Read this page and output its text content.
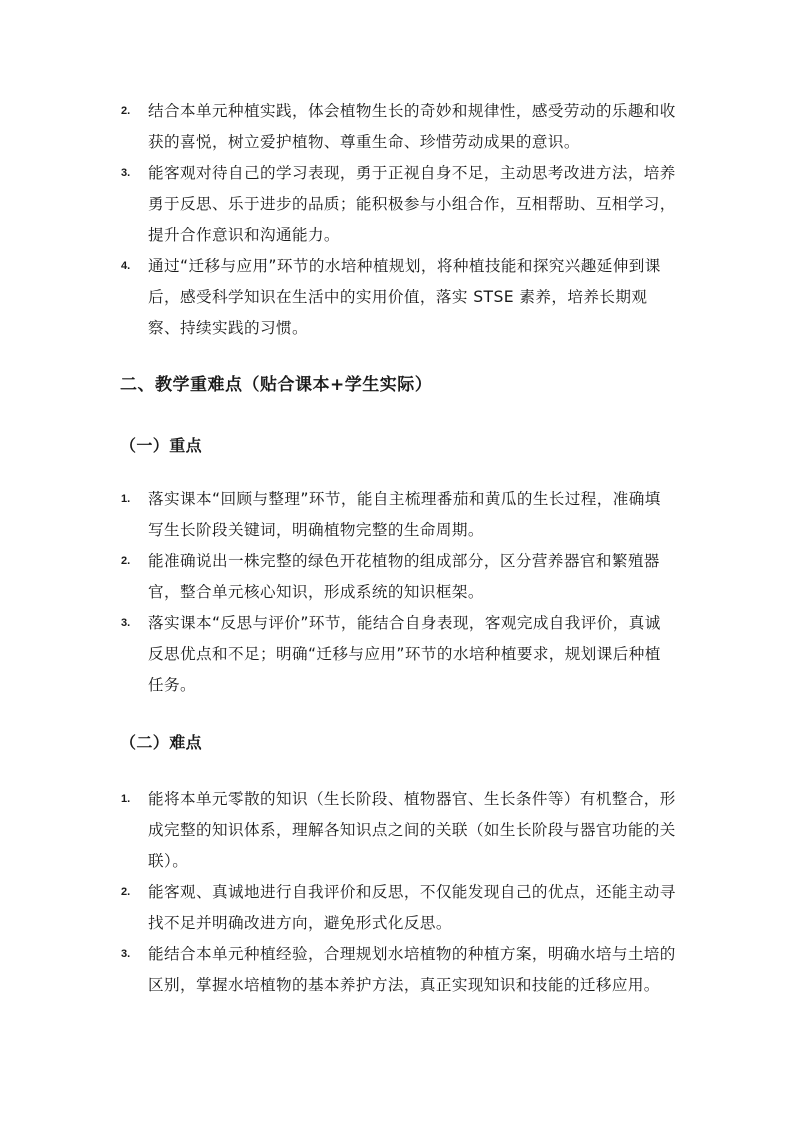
2. 结合本单元种植实践，体会植物生长的奇妙和规律性，感受劳动的乐趣和收获的喜悦，树立爱护植物、尊重生命、珍惜劳动成果的意识。
3. 能客观对待自己的学习表现，勇于正视自身不足，主动思考改进方法，培养勇于反思、乐于进步的品质；能积极参与小组合作，互相帮助、互相学习，提升合作意识和沟通能力。
4. 通过“迁移与应用”环节的水培种植规划，将种植技能和探究兴趣延伸到课后，感受科学知识在生活中的实用价值，落实 STSE 素养，培养长期观察、持续实践的习惯。
二、教学重难点（贴合课本+学生实际）
（一）重点
1. 落实课本“回顾与整理”环节，能自主梳理番茄和黄瓜的生长过程，准确填写生长阶段关键词，明确植物完整的生命周期。
2. 能准确说出一株完整的绿色开花植物的组成部分，区分营养器官和繁殖器官，整合单元核心知识，形成系统的知识框架。
3. 落实课本“反思与评价”环节，能结合自身表现，客观完成自我评价，真诚反思优点和不足；明确“迁移与应用”环节的水培种植要求，规划课后种植任务。
（二）难点
1. 能将本单元零散的知识（生长阶段、植物器官、生长条件等）有机整合，形成完整的知识体系，理解各知识点之间的关联（如生长阶段与器官功能的关联）。
2. 能客观、真诚地进行自我评价和反思，不仅能发现自己的优点，还能主动寻找不足并明确改进方向，避免形式化反思。
3. 能结合本单元种植经验，合理规划水培植物的种植方案，明确水培与土培的区别，掌握水培植物的基本养护方法，真正实现知识和技能的迁移应用。
